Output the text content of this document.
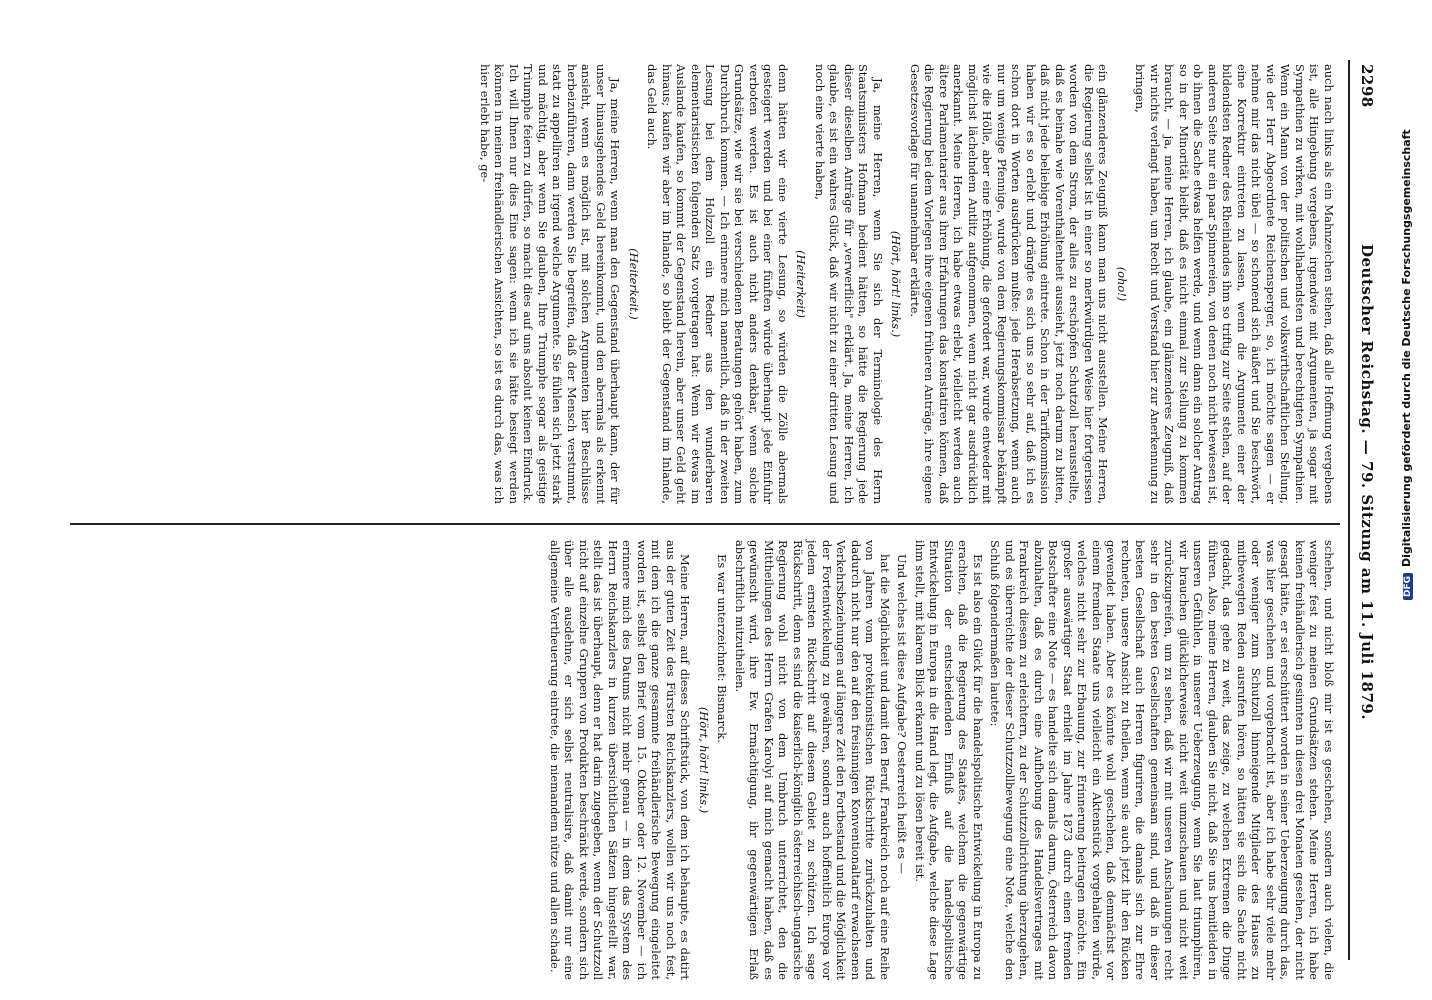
2298
Deutscher Reichstag. — 79. Sitzung am 11. Juli 1879.

auch nach links als ein Mahnzeichen stehen, daß alle Hoffnung vergebens ist, alle Hingebung vergebens, irgendwie mit Argumenten, ja sogar mit Sympathien zu wirken, mit wohlhabendsten und berechtigten Sympathien. Wenn ein Mann von der politischen und volkswirthschaftlichen Stellung, wie der Herr Abgeordnete Reichensperger, so, ich möchte sagen — er nehme mir das nicht übel — so schonend sich äußert und Sie beschwört, eine Korrektur eintreten zu lassen, wenn die Argumente einer der bildendsten Redner des Rheinlandes ihm so triftig zur Seite stehen, auf der anderen Seite nur ein paar Spinnereien, von denen noch nicht bewiesen ist, ob ihnen die Sache etwas helfen werde, und wenn dann ein solcher Antrag so in der Minorität bleibt, daß es nicht einmal zur Stellung zu kommen braucht, — ja, meine Herren, ich glaube, ein glänzenderes Zeugniß, daß wir nichts verlangt haben, um Recht und Verstand hier zur Anerkennung zu bringen,

(oho!)

ein glänzenderes Zeugniß kann man uns nicht ausstellen. Meine Herren, die Regierung selbst ist in einer so merkwürdigen Weise hier fortgerissen worden von dem Strom, der alles zu erschöpfen Schutzoll herausstellte, daß es beinahe wie Vorenthaltenheit aussieht, jetzt noch darum zu bitten, daß nicht jede beliebige Erhöhung eintrete. Schon in der Tarifkommission haben wir es so erlebt und drängte es sich uns so sehr auf, daß ich es schon dort in Worten ausdrücken mußte: jede Herabsetzung, wenn auch nur um wenige Pfennige, wurde von dem Regierungskommissar bekämpft wie die Hölle, aber eine Erhöhung, die gefordert war, wurde entweder mit möglichst lächelndem Antlitz aufgenommen, wenn nicht gar ausdrücklich anerkannt. Meine Herren, ich habe etwas erlebt, vielleicht werden auch ältere Parlamentarier aus ihren Erfahrungen das konstatiren können, daß die Regierung bei dem Vorlegen ihre eigenen früheren Anträge, ihre eigene Gesetzesvorlage für unannehmbar erklärte.

(Hört, hört! links.)

Ja, meine Herren, wenn Sie sich der Terminologie des Herrn Staatsministers Hofmann bedient hätten, so hätte die Regierung jede dieser dieselben Anträge für „verwerflich" erklärt. Ja, meine Herren, ich glaube, es ist ein wahres Glück, daß wir nicht zu einer dritten Lesung und noch eine vierte haben,

(Heiterkeit)

denn hätten wir eine vierte Lesung, so würden die Zölle abermals gesteigert werden und bei einer fünften würde überhaupt jede Einfuhr verboten werden. Es ist auch nicht anders denkbar, wenn solche Grundsätze, wie wir sie bei verschiedenen Beratungen gehört haben, zum Durchbruch kommen. — Ich erinnere mich namentlich, daß in der zweiten Lesung bei dem Holzzoll ein Redner aus den wunderbaren elementaristischen folgenden Satz vorgetragen hat: Wenn wir etwas im Auslande kaufen, so kommt der Gegenstand herein, aber unser Geld geht hinaus; kaufen wir aber im Inlande, so bleibt der Gegenstand im Inlande, das Geld auch.

(Heiterkeit.)

Ja, meine Herren, wenn man den Gegenstand überhaupt kann, der für unser hinausgehendes Geld hereinkommt, und den abermals als erkennt ansieht, wenn es möglich ist, mit solchen Argumenten hier Beschlüsse herbeizuführen, dann werden Sie begreifen, daß der Mensch verstummt, statt zu appelliren an irgend welche Argumente. Sie fühlen sich jetzt stark und mächtig, aber wenn Sie glauben, Ihre Triumphe sogar als geistige Triumphe feiern zu dürfen, so macht dies auf uns absolut keinen Eindruck. Ich will Ihnen nur dies Eine sagen: wenn ich sie hätte besiegt werden können in meinen freihändlerischen Ansichten, so ist es durch das, was ich hier erlebt habe, ge-

schehen, und nicht bloß mir ist es geschehen, sondern auch vielen, die weniger fest zu meinen Grundsätzen stehen. Meine Herren, ich habe keinen freihändlerisch gesinnten in diesen drei Monaten gesehen, der nicht gesagt hätte, er sei erschüttert worden in seiner Ueberzeugung durch das, was hier geschehen und vorgebracht ist, aber ich habe sehr viele mehr oder weniger zum Schutzoll hinneigende Mitglieder des Hauses zu mitbewegten Reden ausrufen hören, so hätten sie sich die Sache nicht gedacht, das gehe zu weit, das zeige, zu welchen Extremen die Dinge führen. Also, meine Herren, glauben Sie nicht, daß Sie uns bemitleiden in unseren Gefühlen, in unserer Ueberzeugung, wenn Sie laut triumphiren, wir brauchen glücklicherweise nicht weit umzuschauen und nicht weit zurückzugreifen, um zu sehen, daß wir mit unseren Anschauungen recht sehr in den besten Gesellschaften gemeinsam sind, und daß in dieser besten Gesellschaft auch Herren figuriren, die damals sich zur Ehre rechneten, unsere Ansicht zu theilen, wenn sie auch jetzt ihr den Rücken gewendet haben. Aber es könnte wohl geschehen, daß demnächst vor einem fremden Staate uns vielleicht ein Aktenstück vorgehalten würde, welches nicht sehr zur Erbauung, zur Erinnerung beitragen möchte. Ein großer auswärtiger Staat erhielt im Jahre 1873 durch einen fremden Botschafter eine Note — es handelte sich damals darum, Österreich davon abzuhalten, daß es durch eine Aufhebung des Handelsvertrages mit Frankreich diesem zu erleichtern, zu der Schutzzollrichtung überzugehen, und es überreichte der dieser Schutzzollbewegung eine Note, welche den Schluß folgendermaßen lautete:

Es ist also ein Glück für die handelspolitische Entwickelung in Europa zu erachten, daß die Regierung des Staates, welchem die gegenwärtige Situation der entscheidenden Einfluß auf die handelspolitische Entwickelung in Europa in die Hand legt, die Aufgabe, welche diese Lage ihm stellt, mit klarem Blick erkannt und zu lösen bereit ist.

Und welches ist diese Aufgabe? Oesterreich heißt es —

hat die Möglichkeit und damit den Beruf, Frankreich noch auf eine Reihe von Jahren vom protektionistischen Rückschritte zurückzuhalten und dadurch nicht nur den auf den freisinnigen Konventionaltarif erwachsenen Verkehrsbeziehungen auf längere Zeit den Fortbestand und die Möglichkeit der Fortentwickelung zu gewähren, sondern auch hoffentlich Europa vor jedem ernsten Rückschritt auf diesem Gebiet zu schützen. Ich sage Rückschritt, denn es sind die kaiserlich-königlich österreichisch-ungarische Regierung wohl nicht von dem Umbruch unterrichtet, den die Mittheilungen des Herrn Grafen Karolyi auf mich gemacht haben, daß es gewünscht wird, ihre Ew. Ermächtigung, ihr gegenwärtigen Erlaß abschriftlich mitzutheilen.

Es war unterzeichnet: Bismarck.

(Hört, hört! links.)

Meine Herren, auf dieses Schriftstück, von dem ich behaupte, es datirt aus der guten Zeit des Fürsten Reichskanzlers, wollen wir uns noch fest, mit dem ich die ganze gesammte freihändlerische Bewegung eingeleitet worden ist, selbst den Brief vom 15. Oktober oder 12. November — ich erinnere mich des Datums nicht mehr genau — in dem das System des Herrn Reichskanzlers in kurzen übersichtlichen Sätzen hingestellt war, stellt das ist überhaupt, denn er hat darin zugegeben, wenn der Schutzzoll nicht auf einzelne Gruppen von Produkten beschränkt werde, sondern sich über alle ausdehne, er sich selbst neutralisire, daß damit nur eine allgemeine Vertheuerung eintrete, die niemandem nütze und allen schade.	DFGDigitalisierung gefördert durch die Deutsche Forschungsgemeinschaft
